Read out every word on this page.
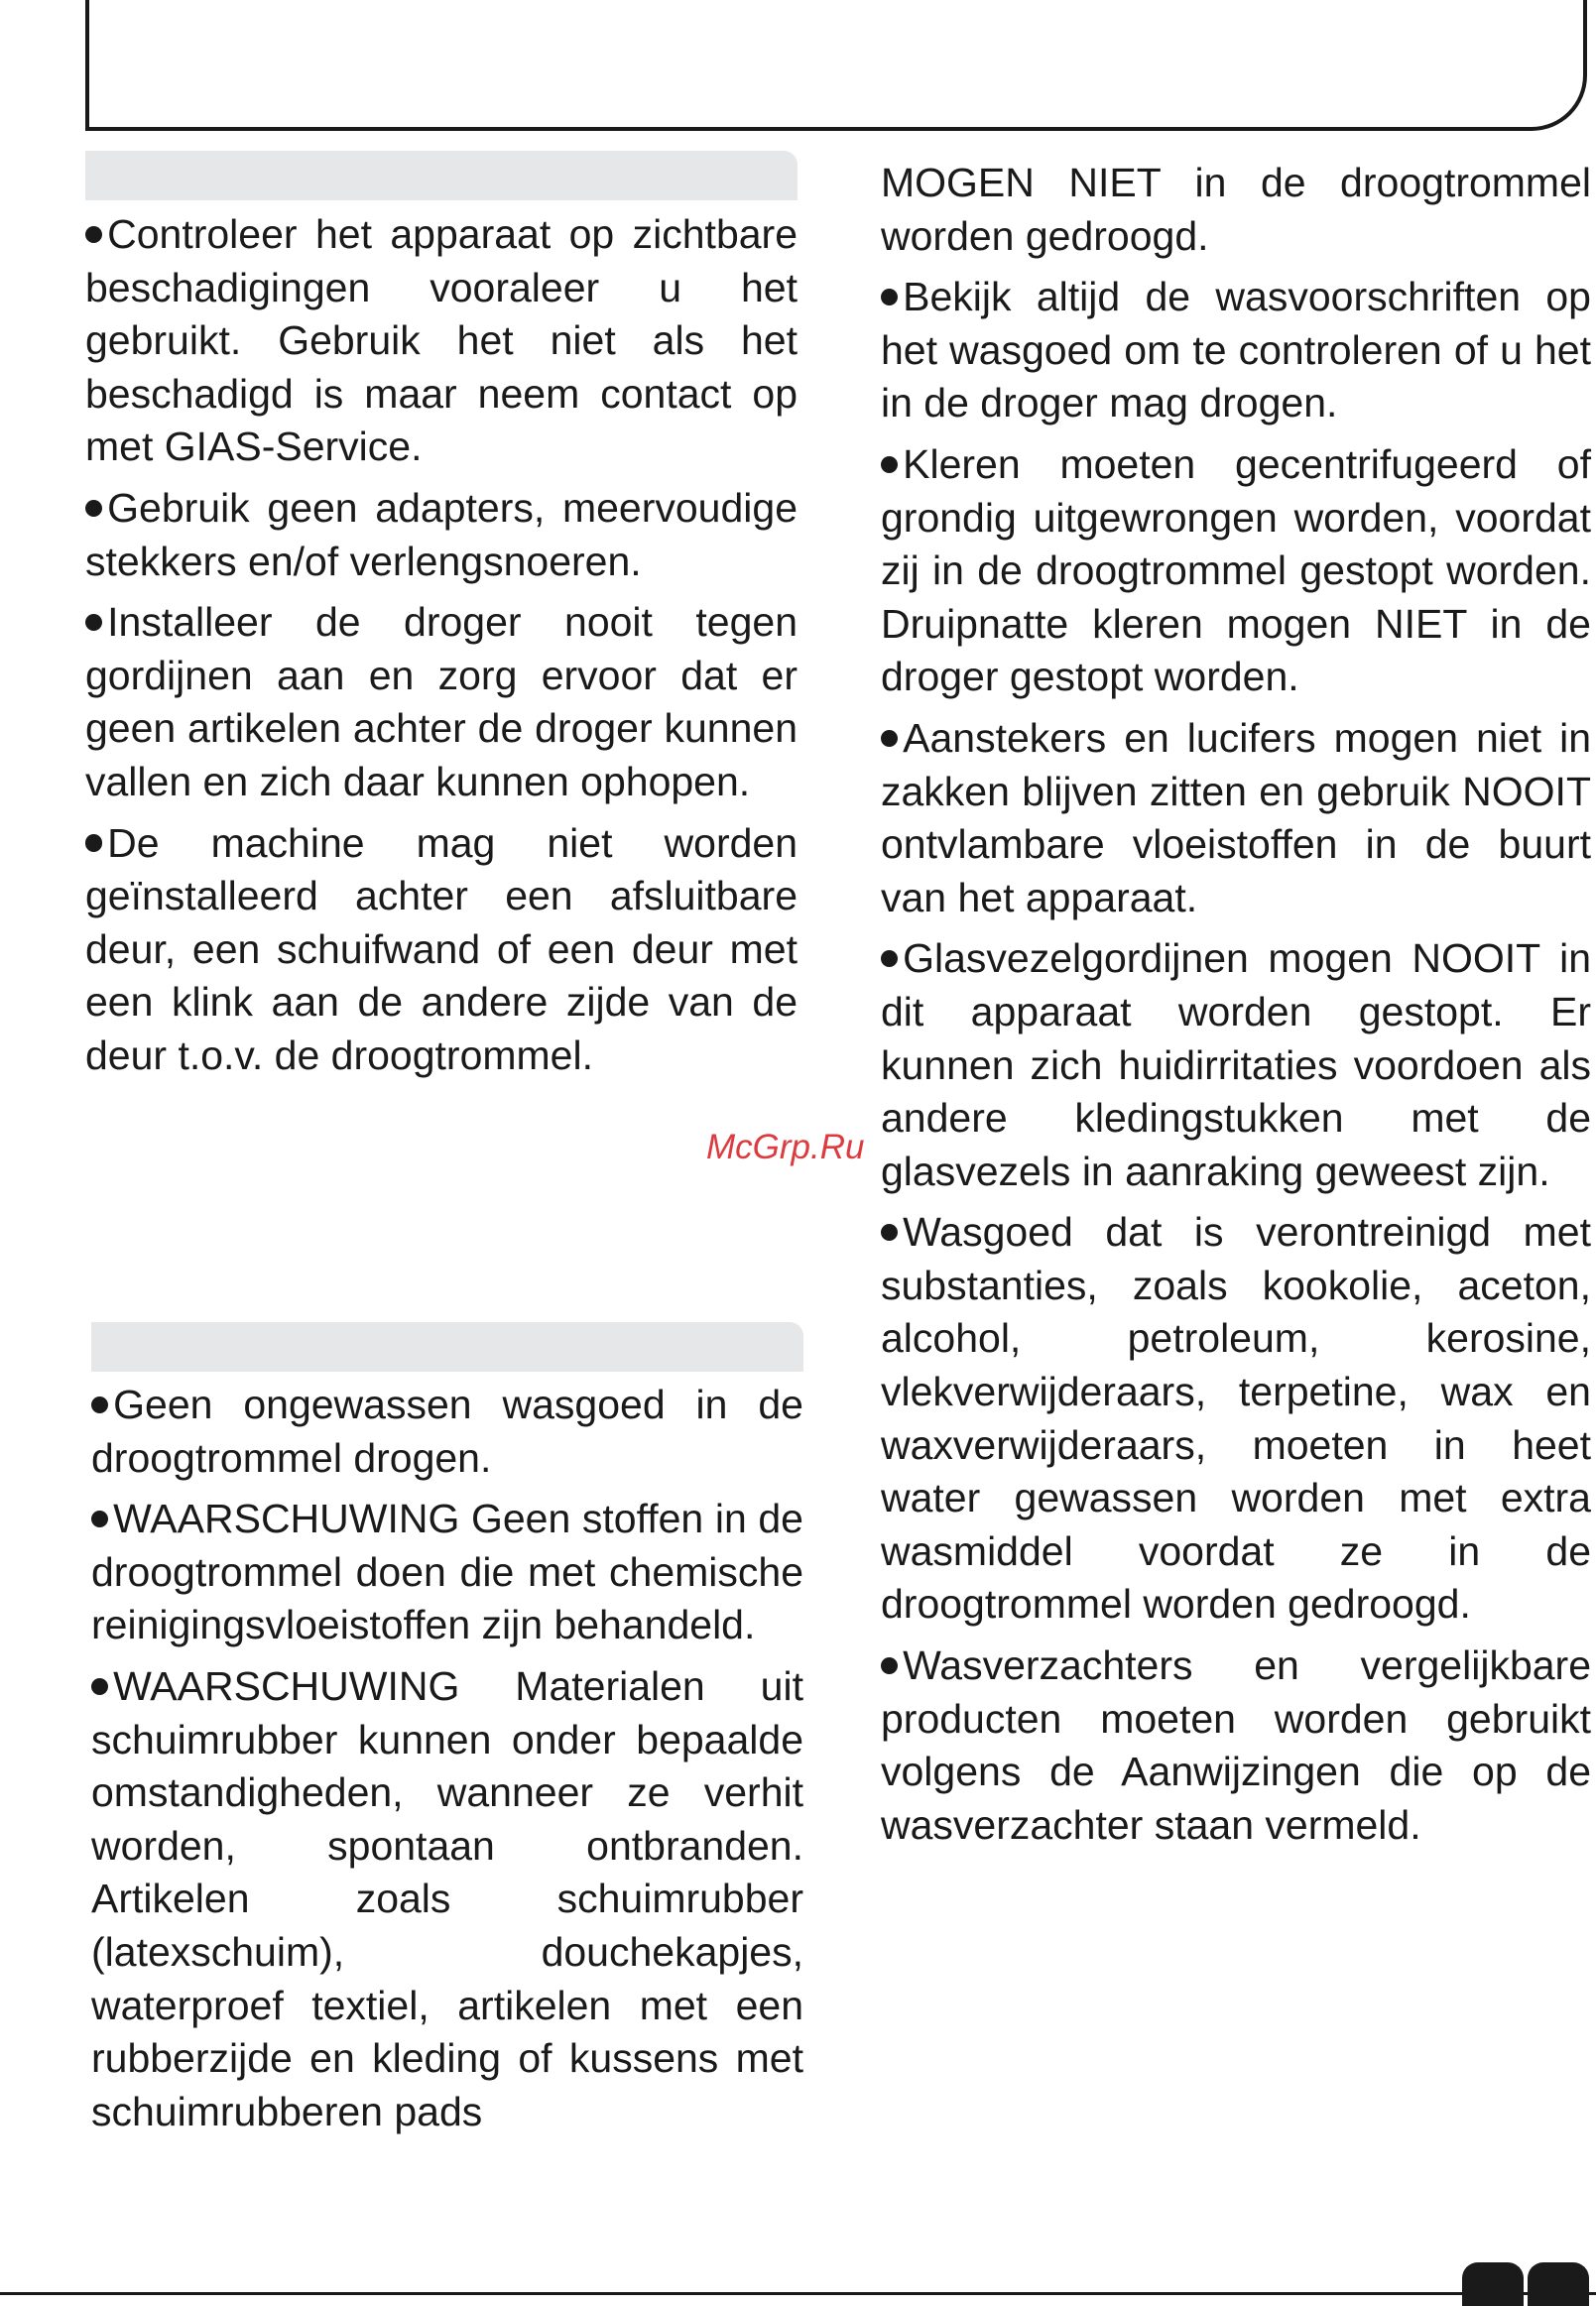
Controleer het apparaat op zichtbare beschadigingen vooraleer u het gebruikt. Gebruik het niet als het beschadigd is maar neem contact op met GIAS-Service.

Gebruik geen adapters, meervoudige stekkers en/of verlengsnoeren.

Installeer de droger nooit tegen gordijnen aan en zorg ervoor dat er geen artikelen achter de droger kunnen vallen en zich daar kunnen ophopen.

De machine mag niet worden geïnstalleerd achter een afsluitbare deur, een schuifwand of een deur met een klink aan de andere zijde van de deur t.o.v. de droogtrommel.

Geen ongewassen wasgoed in de droogtrommel drogen.

WAARSCHUWING Geen stoffen in de droogtrommel doen die met chemische reinigingsvloeistoffen zijn behandeld.

WAARSCHUWING Materialen uit schuimrubber kunnen onder bepaalde omstandigheden, wanneer ze verhit worden, spontaan ontbranden. Artikelen zoals schuimrubber (latexschuim), douchekapjes, waterproef textiel, artikelen met een rubberzijde en kleding of kussens met schuimrubberen pads

MOGEN NIET in de droogtrommel worden gedroogd.

Bekijk altijd de wasvoorschriften op het wasgoed om te controleren of u het in de droger mag drogen.

Kleren moeten gecentrifugeerd of grondig uitgewrongen worden, voordat zij in de droogtrommel gestopt worden. Druipnatte kleren mogen NIET in de droger gestopt worden.

Aanstekers en lucifers mogen niet in zakken blijven zitten en gebruik NOOIT ontvlambare vloeistoffen in de buurt van het apparaat.

Glasvezelgordijnen mogen NOOIT in dit apparaat worden gestopt. Er kunnen zich huidirritaties voordoen als andere kledingstukken met de glasvezels in aanraking geweest zijn.

Wasgoed dat is verontreinigd met substanties, zoals kookolie, aceton, alcohol, petroleum, kerosine, vlekverwijderaars, terpetine, wax en waxverwijderaars, moeten in heet water gewassen worden met extra wasmiddel voordat ze in de droogtrommel worden gedroogd.

Wasverzachters en vergelijkbare producten moeten worden gebruikt volgens de Aanwijzingen die op de wasverzachter staan vermeld.

McGrp.Ru
